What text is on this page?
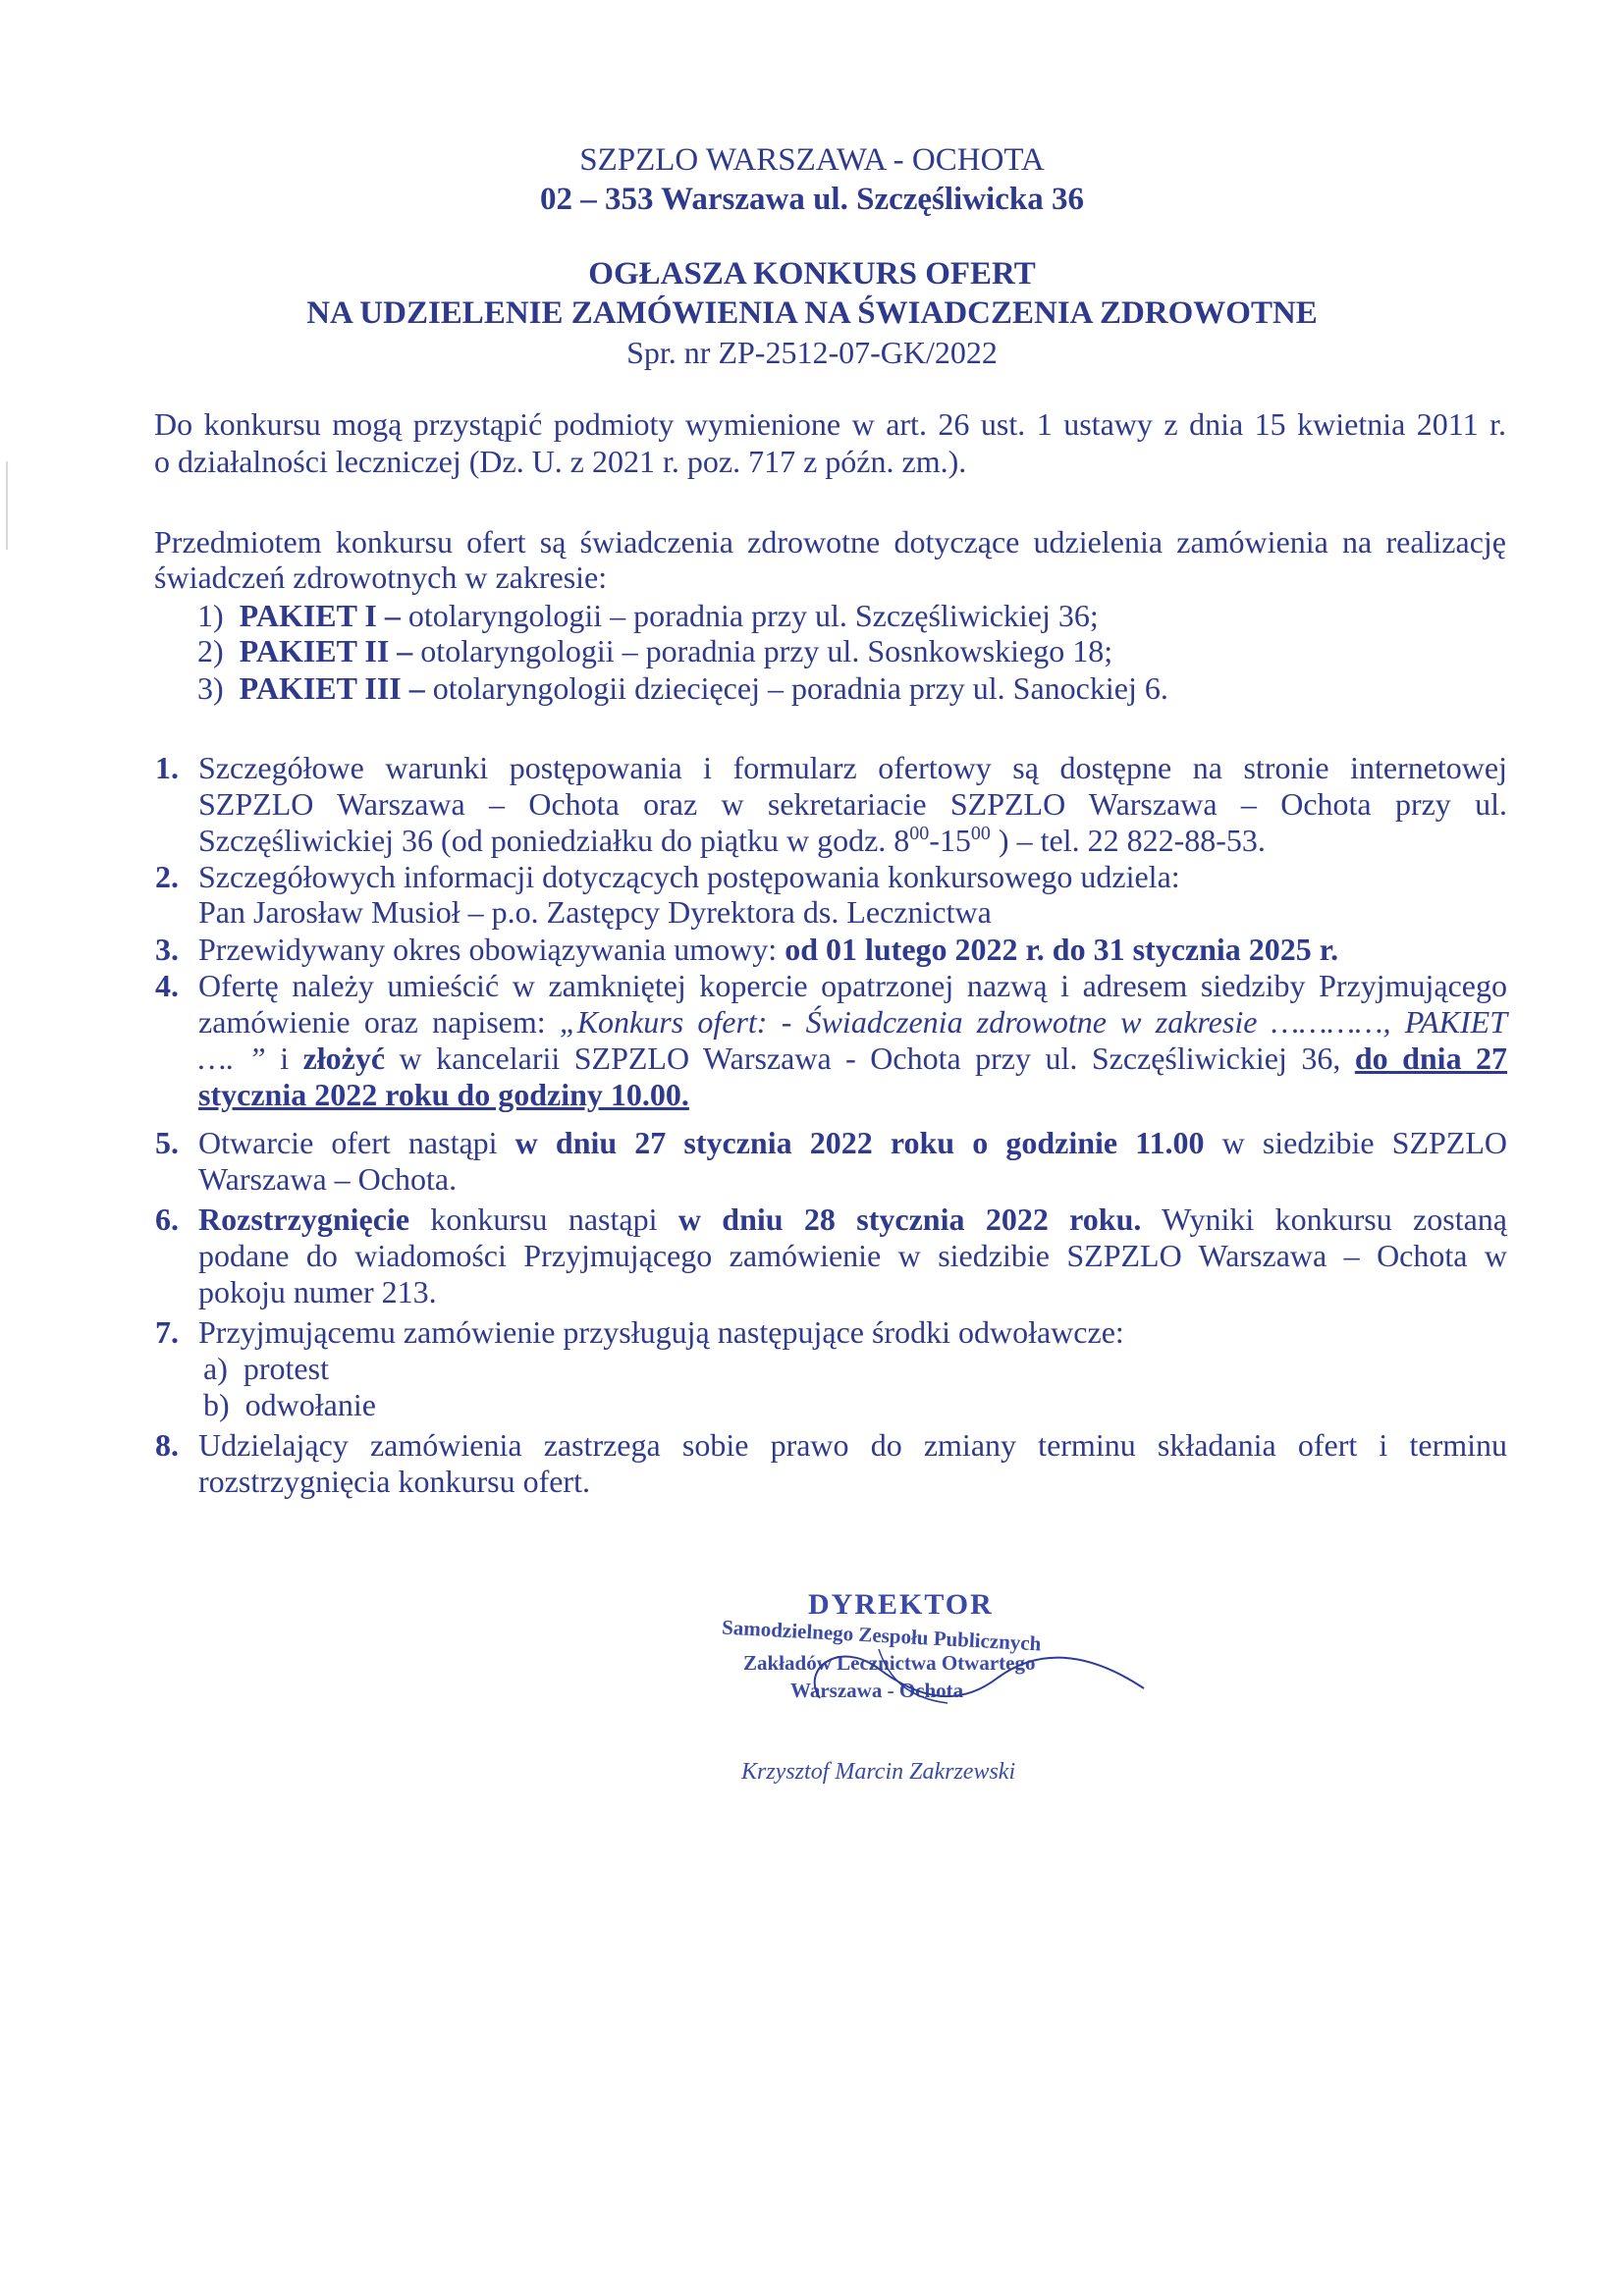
SZPZLO WARSZAWA - OCHOTA
02 – 353 Warszawa ul. Szczęśliwicka 36
OGŁASZA KONKURS OFERT
NA UDZIELENIE ZAMÓWIENIA NA ŚWIADCZENIA ZDROWOTNE
Spr. nr ZP-2512-07-GK/2022
Do konkursu mogą przystąpić podmioty wymienione w art. 26 ust. 1 ustawy z dnia 15 kwietnia 2011 r.
o działalności leczniczej (Dz. U. z 2021 r. poz. 717 z późn. zm.).
Przedmiotem konkursu ofert są świadczenia zdrowotne dotyczące udzielenia zamówienia na realizację
świadczeń zdrowotnych w zakresie:
1) PAKIET I – otolaryngologii – poradnia przy ul. Szczęśliwickiej 36;
2) PAKIET II – otolaryngologii – poradnia przy ul. Sosnkowskiego 18;
3) PAKIET III – otolaryngologii dziecięcej – poradnia przy ul. Sanockiej 6.
1. Szczegółowe warunki postępowania i formularz ofertowy są dostępne na stronie internetowej
SZPZLO Warszawa – Ochota oraz w sekretariacie SZPZLO Warszawa – Ochota przy ul.
Szczęśliwickiej 36 (od poniedziałku do piątku w godz. $8^{00}-15^{00}$ ) – tel. 22 822-88-53.
2. Szczegółowych informacji dotyczących postępowania konkursowego udziela:
Pan Jarosław Musioł – p.o. Zastępcy Dyrektora ds. Lecznictwa
3. Przewidywany okres obowiązywania umowy: od 01 lutego 2022 r. do 31 stycznia 2025 r.
4. Ofertę należy umieścić w zamkniętej kopercie opatrzonej nazwą i adresem siedziby Przyjmującego
zamówienie oraz napisem: „Konkurs ofert: - Świadczenia zdrowotne w zakresie …………, PAKIET
…. ” i złożyć w kancelarii SZPZLO Warszawa - Ochota przy ul. Szczęśliwickiej 36, do dnia 27
stycznia 2022 roku do godziny 10.00.
5. Otwarcie ofert nastąpi w dniu 27 stycznia 2022 roku o godzinie 11.00 w siedzibie SZPZLO
Warszawa – Ochota.
6. Rozstrzygnięcie konkursu nastąpi w dniu 28 stycznia 2022 roku. Wyniki konkursu zostaną
podane do wiadomości Przyjmującego zamówienie w siedzibie SZPZLO Warszawa – Ochota w
pokoju numer 213.
7. Przyjmującemu zamówienie przysługują następujące środki odwoławcze:
a) protest
b) odwołanie
8. Udzielający zamówienia zastrzega sobie prawo do zmiany terminu składania ofert i terminu
rozstrzygnięcia konkursu ofert.
DYREKTOR
Samodzielnego Zespołu Publicznych
Zakładów Lecznictwa Otwartego
Warszawa - Ochota
Krzysztof Marcin Zakrzewski
